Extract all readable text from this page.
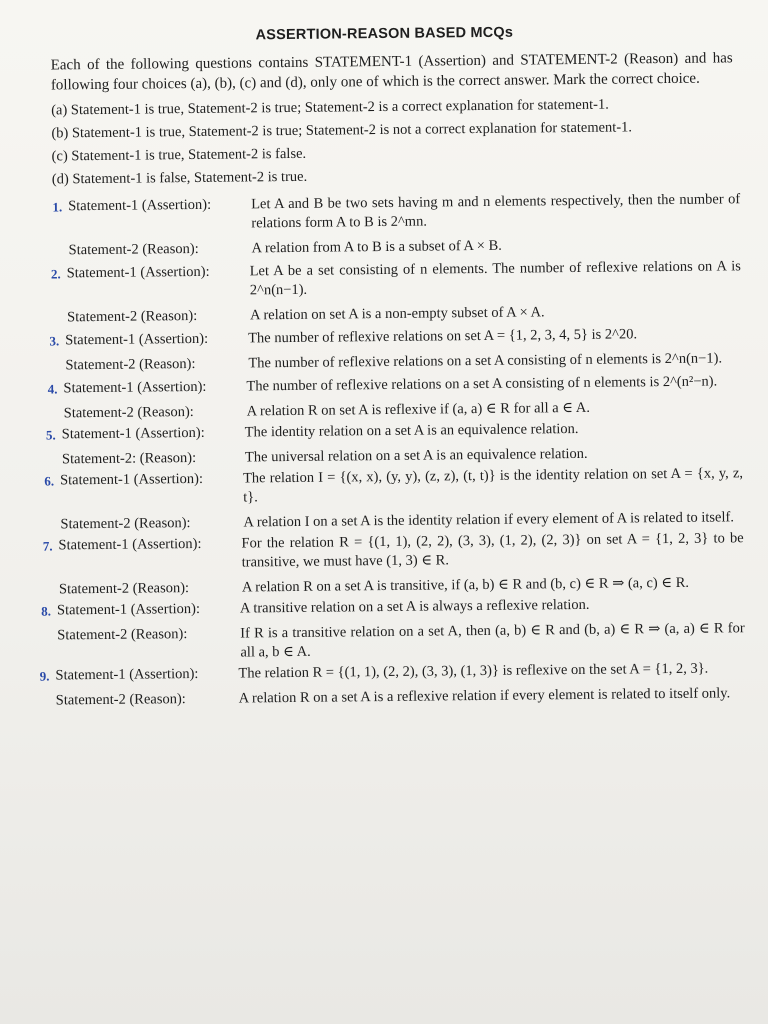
ASSERTION-REASON BASED MCQs
Each of the following questions contains STATEMENT-1 (Assertion) and STATEMENT-2 (Reason) and has following four choices (a), (b), (c) and (d), only one of which is the correct answer. Mark the correct choice.
(a) Statement-1 is true, Statement-2 is true; Statement-2 is a correct explanation for statement-1.
(b) Statement-1 is true, Statement-2 is true; Statement-2 is not a correct explanation for statement-1.
(c) Statement-1 is true, Statement-2 is false.
(d) Statement-1 is false, Statement-2 is true.
1. Statement-1 (Assertion):	Let A and B be two sets having m and n elements respectively, then the number of relations form A to B is 2^mn.
Statement-2 (Reason):	A relation from A to B is a subset of A × B.
2. Statement-1 (Assertion):	Let A be a set consisting of n elements. The number of reflexive relations on A is 2^n(n−1).
Statement-2 (Reason):	A relation on set A is a non-empty subset of A × A.
3. Statement-1 (Assertion):	The number of reflexive relations on set A = {1, 2, 3, 4, 5} is 2^20.
Statement-2 (Reason):	The number of reflexive relations on a set A consisting of n elements is 2^n(n−1).
4. Statement-1 (Assertion):	The number of reflexive relations on a set A consisting of n elements is 2^(n²−n).
Statement-2 (Reason):	A relation R on set A is reflexive if (a, a) ∈ R for all a ∈ A.
5. Statement-1 (Assertion):	The identity relation on a set A is an equivalence relation.
Statement-2: (Reason):	The universal relation on a set A is an equivalence relation.
6. Statement-1 (Assertion):	The relation I = {(x, x), (y, y), (z, z), (t, t)} is the identity relation on set A = {x, y, z, t}.
Statement-2 (Reason):	A relation I on a set A is the identity relation if every element of A is related to itself.
7. Statement-1 (Assertion):	For the relation R = {(1, 1), (2, 2), (3, 3), (1, 2), (2, 3)} on set A = {1, 2, 3} to be transitive, we must have (1, 3) ∈ R.
Statement-2 (Reason):	A relation R on a set A is transitive, if (a, b) ∈ R and (b, c) ∈ R ⇒ (a, c) ∈ R.
8. Statement-1 (Assertion):	A transitive relation on a set A is always a reflexive relation.
Statement-2 (Reason):	If R is a transitive relation on a set A, then (a, b) ∈ R and (b, a) ∈ R ⇒ (a, a) ∈ R for all a, b ∈ A.
9. Statement-1 (Assertion):	The relation R = {(1, 1), (2, 2), (3, 3), (1, 3)} is reflexive on the set A = {1, 2, 3}.
Statement-2 (Reason):	A relation R on a set A is a reflexive relation if every element is related to itself only.
